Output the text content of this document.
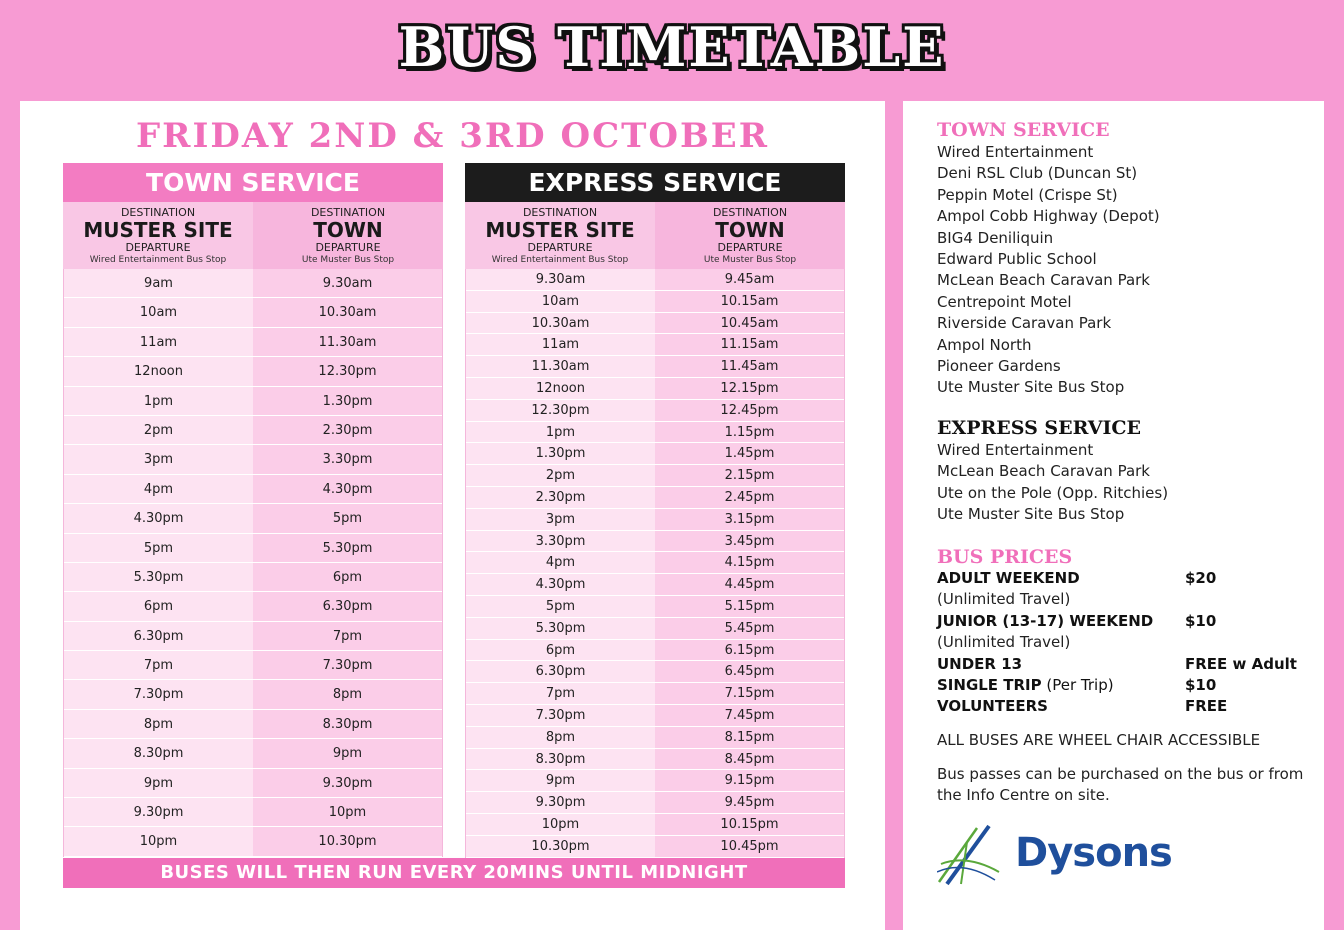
BUS TIMETABLE
FRIDAY 2ND & 3RD OCTOBER
TOWN SERVICE
DESTINATION
MUSTER SITE
DEPARTURE
Wired Entertainment Bus Stop
DESTINATION
TOWN
DEPARTURE
Ute Muster Bus Stop
9am	9.30am
10am	10.30am
11am	11.30am
12noon	12.30pm
1pm	1.30pm
2pm	2.30pm
3pm	3.30pm
4pm	4.30pm
4.30pm	5pm
5pm	5.30pm
5.30pm	6pm
6pm	6.30pm
6.30pm	7pm
7pm	7.30pm
7.30pm	8pm
8pm	8.30pm
8.30pm	9pm
9pm	9.30pm
9.30pm	10pm
10pm	10.30pm
EXPRESS SERVICE
DESTINATION
MUSTER SITE
DEPARTURE
Wired Entertainment Bus Stop
DESTINATION
TOWN
DEPARTURE
Ute Muster Bus Stop
9.30am	9.45am
10am	10.15am
10.30am	10.45am
11am	11.15am
11.30am	11.45am
12noon	12.15pm
12.30pm	12.45pm
1pm	1.15pm
1.30pm	1.45pm
2pm	2.15pm
2.30pm	2.45pm
3pm	3.15pm
3.30pm	3.45pm
4pm	4.15pm
4.30pm	4.45pm
5pm	5.15pm
5.30pm	5.45pm
6pm	6.15pm
6.30pm	6.45pm
7pm	7.15pm
7.30pm	7.45pm
8pm	8.15pm
8.30pm	8.45pm
9pm	9.15pm
9.30pm	9.45pm
10pm	10.15pm
10.30pm	10.45pm
BUSES WILL THEN RUN EVERY 20MINS UNTIL MIDNIGHT
TOWN SERVICE
Wired Entertainment
Deni RSL Club (Duncan St)
Peppin Motel (Crispe St)
Ampol Cobb Highway (Depot)
BIG4 Deniliquin
Edward Public School
McLean Beach Caravan Park
Centrepoint Motel
Riverside Caravan Park
Ampol North
Pioneer Gardens
Ute Muster Site Bus Stop
EXPRESS SERVICE
Wired Entertainment
McLean Beach Caravan Park
Ute on the Pole (Opp. Ritchies)
Ute Muster Site Bus Stop
BUS PRICES
ADULT WEEKEND	$20
(Unlimited Travel)
JUNIOR (13-17) WEEKEND	$10
(Unlimited Travel)
UNDER 13	FREE w Adult
SINGLE TRIP (Per Trip)	$10
VOLUNTEERS	FREE
ALL BUSES ARE WHEEL CHAIR ACCESSIBLE
Bus passes can be purchased on the bus or from the Info Centre on site.
Dysons
